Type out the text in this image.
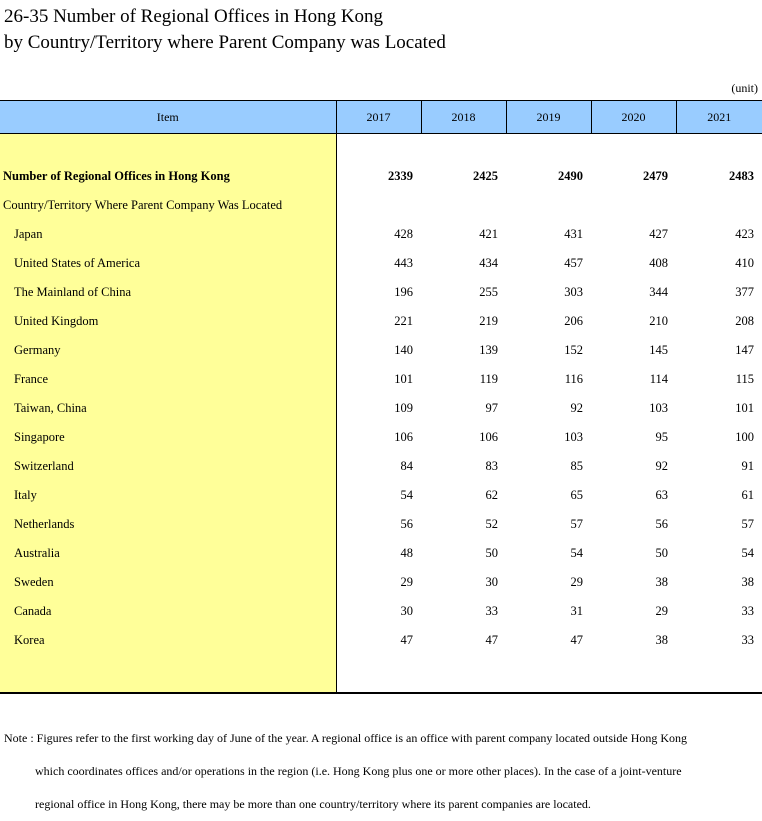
26-35 Number of Regional Offices in Hong Kong
by Country/Territory where Parent Company was Located
(unit)
Item	2017	2018	2019	2020	2021

Number of Regional Offices in Hong Kong	2339	2425	2490	2479	2483
Country/Territory Where Parent Company Was Located					
Japan	428	421	431	427	423
United States of America	443	434	457	408	410
The Mainland of China	196	255	303	344	377
United Kingdom	221	219	206	210	208
Germany	140	139	152	145	147
France	101	119	116	114	115
Taiwan, China	109	97	92	103	101
Singapore	106	106	103	95	100
Switzerland	84	83	85	92	91
Italy	54	62	65	63	61
Netherlands	56	52	57	56	57
Australia	48	50	54	50	54
Sweden	29	30	29	38	38
Canada	30	33	31	29	33
Korea	47	47	47	38	33

Note : Figures refer to the first working day of June of the year. A regional office is an office with parent company located outside Hong Kong
which coordinates offices and/or operations in the region (i.e. Hong Kong plus one or more other places). In the case of a joint-venture
regional office in Hong Kong, there may be more than one country/territory where its parent companies are located.
